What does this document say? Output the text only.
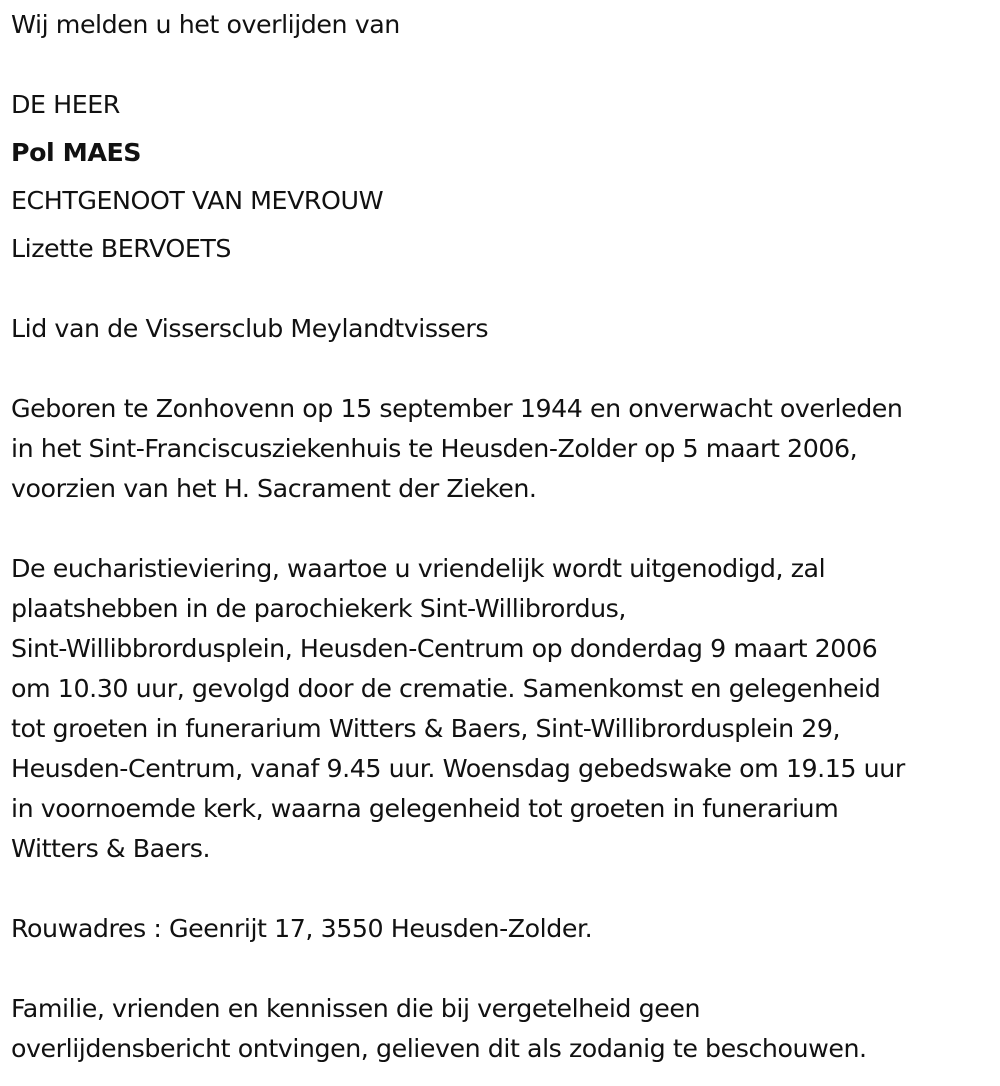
Wij melden u het overlijden van
DE HEER
Pol MAES
ECHTGENOOT VAN MEVROUW
Lizette BERVOETS
Lid van de Vissersclub Meylandtvissers
Geboren te Zonhovenn op 15 september 1944 en onverwacht overleden
in het Sint-Franciscusziekenhuis te Heusden-Zolder op 5 maart 2006,
voorzien van het H. Sacrament der Zieken.
De eucharistieviering, waartoe u vriendelijk wordt uitgenodigd, zal
plaatshebben in de parochiekerk Sint-Willibrordus,
Sint-Willibbrordusplein, Heusden-Centrum op donderdag 9 maart 2006
om 10.30 uur, gevolgd door de crematie. Samenkomst en gelegenheid
tot groeten in funerarium Witters & Baers, Sint-Willibrordusplein 29,
Heusden-Centrum, vanaf 9.45 uur. Woensdag gebedswake om 19.15 uur
in voornoemde kerk, waarna gelegenheid tot groeten in funerarium
Witters & Baers.
Rouwadres : Geenrijt 17, 3550 Heusden-Zolder.
Familie, vrienden en kennissen die bij vergetelheid geen
overlijdensbericht ontvingen, gelieven dit als zodanig te beschouwen.
